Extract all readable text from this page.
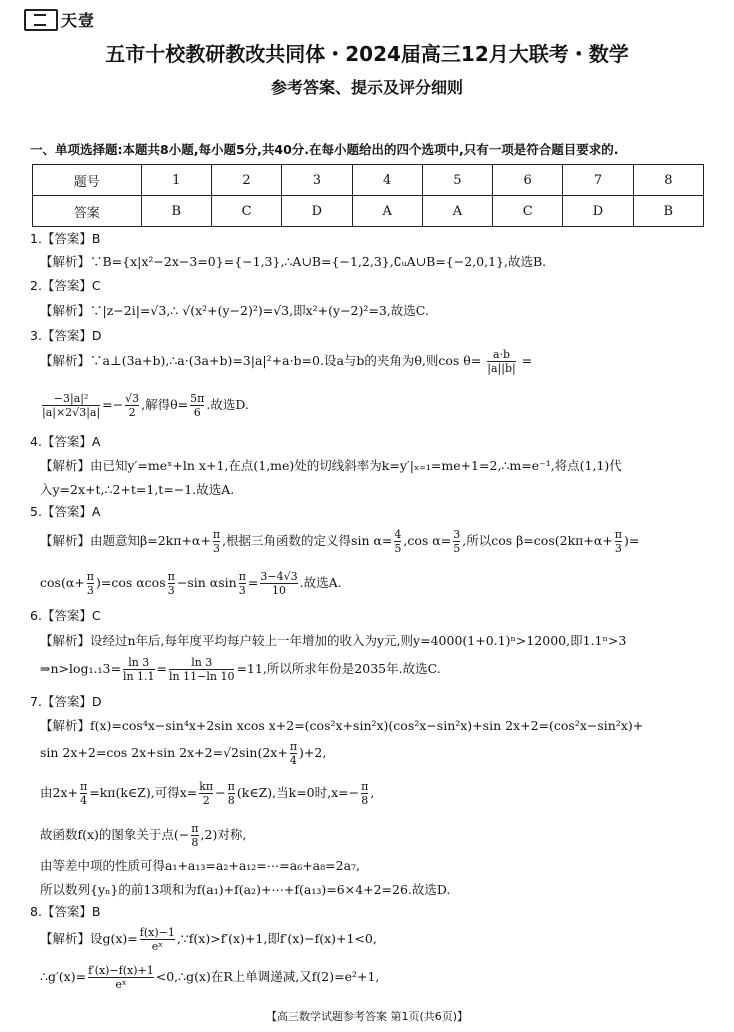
天壹
五市十校教研教改共同体・2024届高三12月大联考・数学
参考答案、提示及评分细则
一、单项选择题:本题共8小题,每小题5分,共40分.在每小题给出的四个选项中,只有一项是符合题目要求的.
题号	1	2	3	4	5	6	7	8
答案	B	C	D	A	A	C	D	B
1.【答案】B
【解析】∵B={x|x²−2x−3=0}={−1,3},∴A∪B={−1,2,3},∁ᵤA∪B={−2,0,1},故选B.
2.【答案】C
【解析】∵|z−2i|=√3,∴ √(x²+(y−2)²)=√3,即x²+(y−2)²=3,故选C.
3.【答案】D
【解析】∵a⊥(3a+b),∴a·(3a+b)=3|a|²+a·b=0.设a与b的夹角为θ,则$\cos \theta= \frac{a\cdot b}{|a||b|}$ =
$\frac{\text{−3|a|²}}{|a|\times 2√3|a|} =- \frac{√3}{2}$ ,解得$\theta= \frac{5\pi}{6}$ .故选D.
4.【答案】A
【解析】由已知y′=meˣ+ln x+1,在点(1,me)处的切线斜率为k=y′|ₓ₌₁=me+1=2,∴m=e⁻¹,将点(1,1)代
入y=2x+t,∴2+t=1,t=−1.故选A.
5.【答案】A
【解析】由题意知$\beta=2k\pi+\alpha+ \frac{\pi}{3}$ ,根据三角函数的定义得$\sin \alpha= \frac{4}{5} ,\cos$ $\alpha= \frac{3}{5}$ ,所以$\cos \beta=\cos(2k\pi+\alpha+ \frac{\pi}{3}$ )=
$\cos(\alpha+ \frac{\pi}{3} )=\cos$ αcos $\frac{\pi}{3} -\sin$ αsin $\frac{\pi}{3} = \frac{3-4√3}{10}$ .故选A.
6.【答案】C
【解析】设经过n年后,每年度平均每户较上一年增加的收入为y元,则y=4000(1+0.1)ⁿ>12000,即1.1ⁿ>3
⇒n>log₁.₁3= $\frac{\ln 3}{\ln 1.1} = \frac{\ln 3}{\ln 11-\ln 10} =11$,所以所求年份是2035年.故选C.
7.【答案】D
【解析】f(x)=cos⁴x−sin⁴x+2sin xcos x+2=(cos²x+sin²x)(cos²x−sin²x)+sin 2x+2=(cos²x−sin²x)+
sin 2x+2=cos 2x+sin $2x+2=√2\sin(2x+ \frac{\pi}{4} )+2$,
由$2x+ \frac{\pi}{4}$ =kπ(k∈Z),可得$x= \frac{k\pi}{2} - \frac{\pi}{8}$ (k∈Z),当k=0时$,x=- \frac{\pi}{8}$ ,
故函数f(x)的图象关于点(− $\frac{\pi}{8} ,2$)对称,
由等差中项的性质可得a₁+a₁₃=a₂+a₁₂=⋯=a₆+a₈=2a₇,
所以数列{yₙ}的前13项和为f(a₁)+f(a₂)+⋯+f(a₁₃)=6×4+2=26.故选D.
8.【答案】B
【解析】设$g(x)= \frac{f(x)-1}{\text{eˣ}}$ ,∵f(x)>f′(x)+1,即f′(x)−f(x)+1<0,
∴g′(x)= $\frac{f'(x)-f(x)+1}{\text{eˣ}}$ <0,∴g(x)在R上单调递减,又f(2)=e²+1,
【高三数学试题参考答案 第1页(共6页)】
